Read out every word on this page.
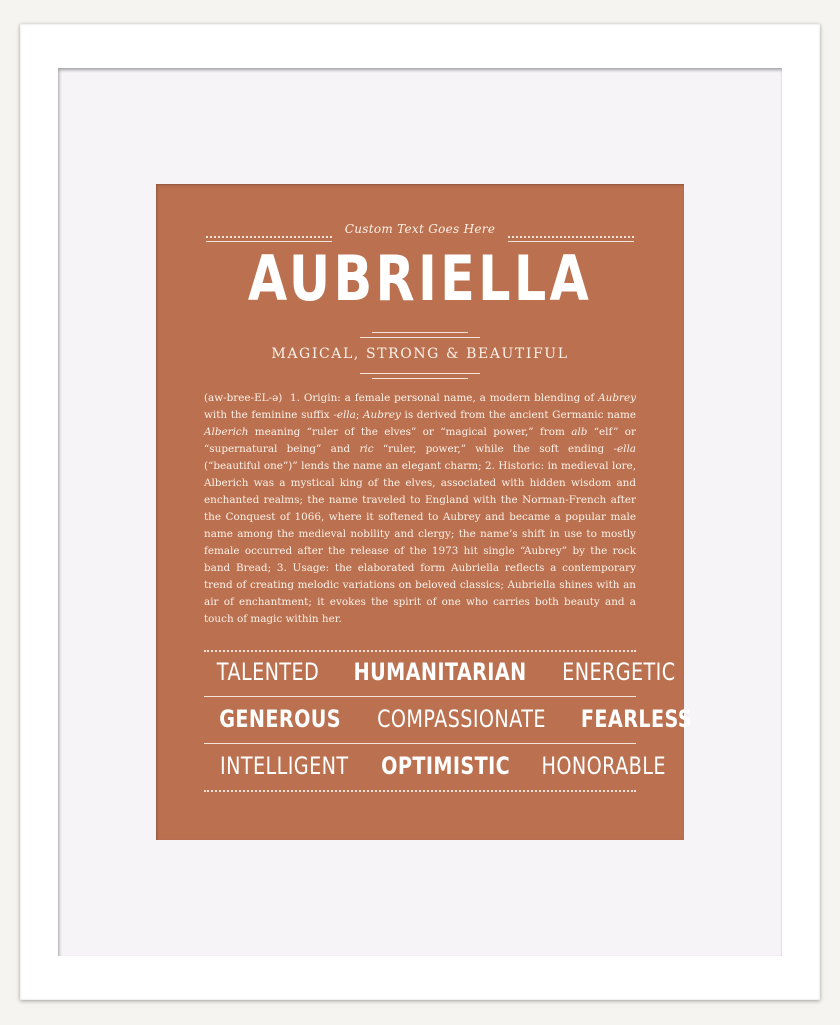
Custom Text Goes Here
AUBRIELLA
MAGICAL, STRONG & BEAUTIFUL
(aw-bree-EL-ə) 1. Origin: a female personal name, a modern blending of Aubrey with the feminine suffix -ella; Aubrey is derived from the ancient Germanic name Alberich meaning “ruler of the elves” or “magical power,” from alb “elf” or “supernatural being” and ric “ruler, power,” while the soft ending -ella (“beautiful one”)” lends the name an elegant charm; 2. Historic: in medieval lore, Alberich was a mystical king of the elves, associated with hidden wisdom and enchanted realms; the name traveled to England with the Norman-French after the Conquest of 1066, where it softened to Aubrey and became a popular male name among the medieval nobility and clergy; the name’s shift in use to mostly female occurred after the release of the 1973 hit single “Aubrey” by the rock band Bread; 3. Usage: the elaborated form Aubriella reflects a contemporary trend of creating melodic variations on beloved classics; Aubriella shines with an air of enchantment; it evokes the spirit of one who carries both beauty and a touch of magic within her.
TALENTED HUMANITARIAN ENERGETIC
GENEROUS COMPASSIONATE FEARLESS
INTELLIGENT OPTIMISTIC HONORABLE
